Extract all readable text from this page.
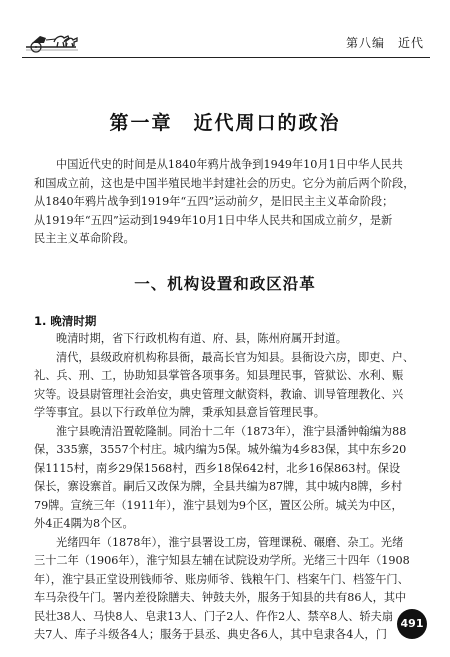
第八编　近代
第一章　近代周口的政治
中国近代史的时间是从1840年鸦片战争到1949年10月1日中华人民共
和国成立前，这也是中国半殖民地半封建社会的历史。它分为前后两个阶段，
从1840年鸦片战争到1919年“五四”运动前夕，是旧民主主义革命阶段；
从1919年“五四”运动到1949年10月1日中华人民共和国成立前夕，是新
民主主义革命阶段。
一、机构设置和政区沿革
1. 晚清时期
晚清时期，省下行政机构有道、府、县，陈州府属开封道。
清代，县级政府机构称县衙，最高长官为知县。县衙设六房，即吏、户、
礼、兵、刑、工，协助知县掌管各项事务。知县理民事，管狱讼、水利、赈
灾等。设县尉管理社会治安，典史管理文献资料，教谕、训导管理教化、兴
学等事宜。县以下行政单位为牌，秉承知县意旨管理民事。
淮宁县晚清沿置乾隆制。同治十二年（1873年），淮宁县潘钟翰编为88
保，335寨，3557个村庄。城内编为5保。城外编为4乡83保，其中东乡20
保1115村，南乡29保1568村，西乡18保642村，北乡16保863村。保设
保长，寨设寨首。嗣后又改保为牌，全县共编为87牌，其中城内8牌，乡村
79牌。宣统三年（1911年），淮宁县划为9个区，置区公所。城关为中区，
外4正4隅为8个区。
光绪四年（1878年），淮宁县署设工房，管理课税、碾磨、杂工。光绪
三十二年（1906年），淮宁知县左辅在试院设劝学所。光绪三十四年（1908
年），淮宁县正堂设刑钱师爷、账房师爷、钱粮午门、档案午门、档签午门、
车马杂役午门。署内差役除膳夫、钟鼓夫外，服务于知县的共有86人，其中
民壮38人、马快8人、皂隶13人、门子2人、仵作2人、禁卒8人、轿夫扇
夫7人、库子斗级各4人；服务于县丞、典史各6人，其中皂隶各4人，门
491
